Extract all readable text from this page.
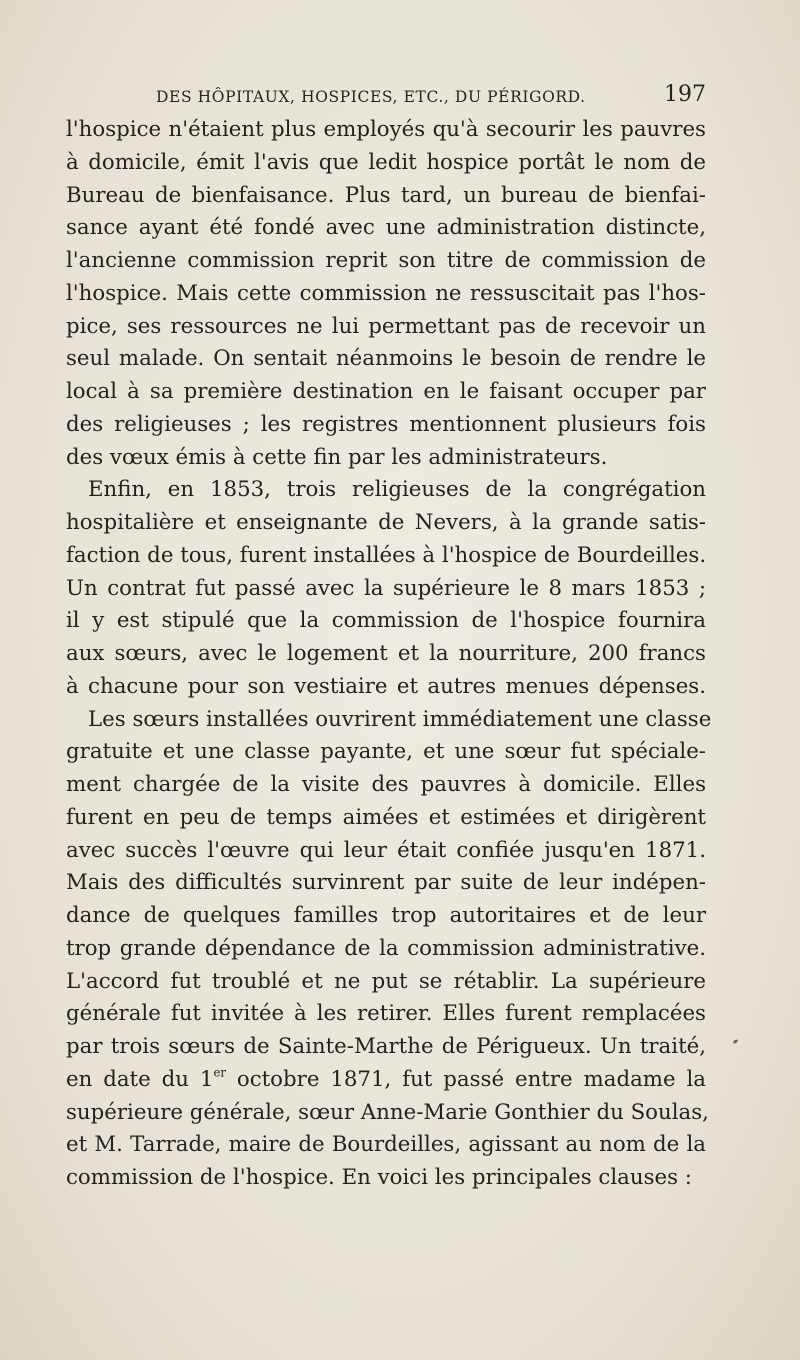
DES HÔPITAUX, HOSPICES, ETC., DU PÉRIGORD.	197
l'hospice n'étaient plus employés qu'à secourir les pauvres
à domicile, émit l'avis que ledit hospice portât le nom de
Bureau de bienfaisance. Plus tard, un bureau de bienfai-
sance ayant été fondé avec une administration distincte,
l'ancienne commission reprit son titre de commission de
l'hospice. Mais cette commission ne ressuscitait pas l'hos-
pice, ses ressources ne lui permettant pas de recevoir un
seul malade. On sentait néanmoins le besoin de rendre le
local à sa première destination en le faisant occuper par
des religieuses ; les registres mentionnent plusieurs fois
des vœux émis à cette fin par les administrateurs.
Enfin, en 1853, trois religieuses de la congrégation
hospitalière et enseignante de Nevers, à la grande satis-
faction de tous, furent installées à l'hospice de Bourdeilles.
Un contrat fut passé avec la supérieure le 8 mars 1853 ;
il y est stipulé que la commission de l'hospice fournira
aux sœurs, avec le logement et la nourriture, 200 francs
à chacune pour son vestiaire et autres menues dépenses.
Les sœurs installées ouvrirent immédiatement une classe
gratuite et une classe payante, et une sœur fut spéciale-
ment chargée de la visite des pauvres à domicile. Elles
furent en peu de temps aimées et estimées et dirigèrent
avec succès l'œuvre qui leur était confiée jusqu'en 1871.
Mais des difficultés survinrent par suite de leur indépen-
dance de quelques familles trop autoritaires et de leur
trop grande dépendance de la commission administrative.
L'accord fut troublé et ne put se rétablir. La supérieure
générale fut invitée à les retirer. Elles furent remplacées
par trois sœurs de Sainte-Marthe de Périgueux. Un traité,
en date du 1er octobre 1871, fut passé entre madame la
supérieure générale, sœur Anne-Marie Gonthier du Soulas,
et M. Tarrade, maire de Bourdeilles, agissant au nom de la
commission de l'hospice. En voici les principales clauses :
